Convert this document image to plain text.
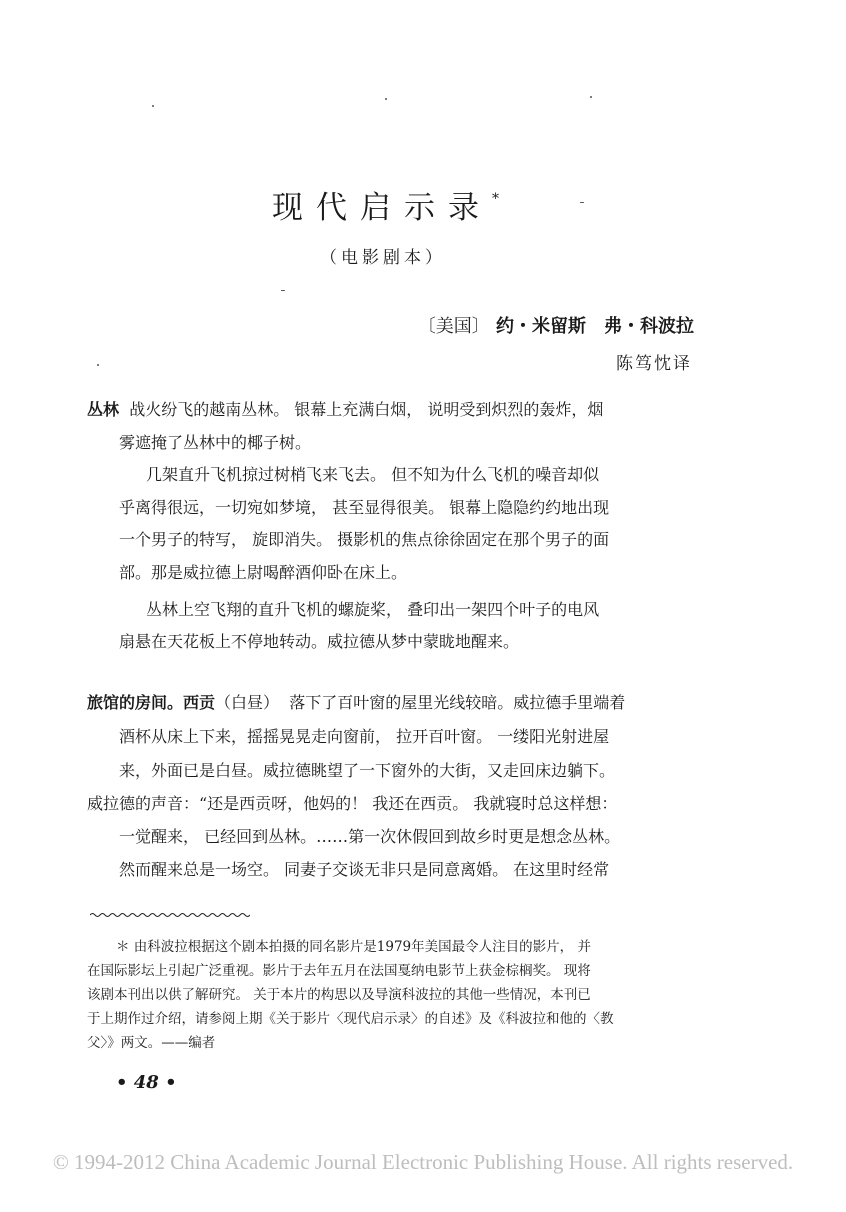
现代启示录*
（电影剧本）
〔美国〕 约・米留斯　弗・科波拉
陈笃忱译
丛林 战火纷飞的越南丛林。 银幕上充满白烟， 说明受到炽烈的轰炸，烟
雾遮掩了丛林中的椰子树。
几架直升飞机掠过树梢飞来飞去。 但不知为什么飞机的噪音却似
乎离得很远，一切宛如梦境， 甚至显得很美。 银幕上隐隐约约地出现
一个男子的特写， 旋即消失。 摄影机的焦点徐徐固定在那个男子的面
部。那是威拉德上尉喝醉酒仰卧在床上。
丛林上空飞翔的直升飞机的螺旋桨， 叠印出一架四个叶子的电风
扇悬在天花板上不停地转动。威拉德从梦中蒙眬地醒来。
旅馆的房间。西贡（白昼） 落下了百叶窗的屋里光线较暗。威拉德手里端着
酒杯从床上下来，摇摇晃晃走向窗前， 拉开百叶窗。 一缕阳光射进屋
来，外面已是白昼。威拉德眺望了一下窗外的大街，又走回床边躺下。
威拉德的声音：“还是西贡呀，他妈的！ 我还在西贡。 我就寝时总这样想：
一觉醒来， 已经回到丛林。……第一次休假回到故乡时更是想念丛林。
然而醒来总是一场空。 同妻子交谈无非只是同意离婚。 在这里时经常
＊ 由科波拉根据这个剧本拍摄的同名影片是1979年美国最令人注目的影片， 并
在国际影坛上引起广泛重视。影片于去年五月在法国戛纳电影节上获金棕榈奖。 现将
该剧本刊出以供了解研究。 关于本片的构思以及导演科波拉的其他一些情况，本刊已
于上期作过介绍，请参阅上期《关于影片〈现代启示录〉的自述》及《科波拉和他的〈教
父〉》两文。——编者
• 48 •
© 1994-2012 China Academic Journal Electronic Publishing House. All rights reserved.
